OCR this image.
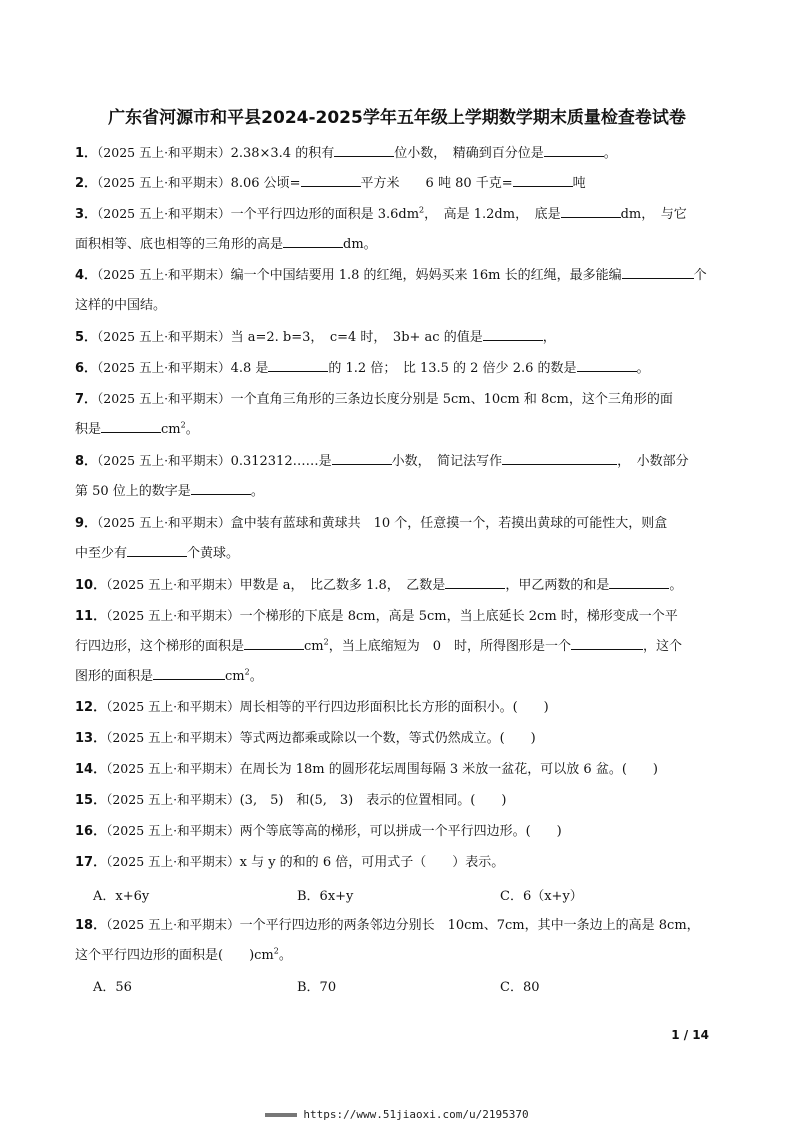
广东省河源市和平县2024-2025学年五年级上学期数学期末质量检查卷试卷
1．（2025 五上·和平期末）2.38×3.4 的积有	位小数，　精确到百分位是	。
2．（2025 五上·和平期末）8.06 公顷=	平方米　　6 吨 80 千克=	吨
3．（2025 五上·和平期末）一个平行四边形的面积是 $3.6dm^2$，　高是 1.2dm，　底是	dm，　与它
面积相等、底也相等的三角形的高是	dm。
4．（2025 五上·和平期末）编一个中国结要用 1.8 的红绳，妈妈买来 16m 长的红绳，最多能编	个
这样的中国结。
5．（2025 五上·和平期末）当 a=2. b=3，　c=4 时，　3b+ ac 的值是	，
6．（2025 五上·和平期末）4.8 是	的 1.2 倍；　比 13.5 的 2 倍少 2.6 的数是	。
7．（2025 五上·和平期末）一个直角三角形的三条边长度分别是 5cm、10cm 和 8cm，这个三角形的面
积是	$cm^2$。
8．（2025 五上·和平期末）0.312312……是	小数，　简记法写作	，　小数部分
第 50 位上的数字是	。
9．（2025 五上·和平期末）盒中装有蓝球和黄球共　10 个，任意摸一个，若摸出黄球的可能性大，则盒
中至少有	个黄球。
10．（2025 五上·和平期末）甲数是 a，　比乙数多 1.8，　乙数是	，甲乙两数的和是	。
11．（2025 五上·和平期末）一个梯形的下底是 8cm，高是 5cm，当上底延长 2cm 时，梯形变成一个平
行四边形，这个梯形的面积是	$cm^2$，当上底缩短为　0　时，所得图形是一个	，这个
图形的面积是	$cm^2$。
12．（2025 五上·和平期末）周长相等的平行四边形面积比长方形的面积小。(　　)
13．（2025 五上·和平期末）等式两边都乘或除以一个数，等式仍然成立。(　　)
14．（2025 五上·和平期末）在周长为 18m 的圆形花坛周围每隔 3 米放一盆花，可以放 6 盆。(　　)
15．（2025 五上·和平期末）(3,　5)　和(5,　3)　表示的位置相同。(　　)
16．（2025 五上·和平期末）两个等底等高的梯形，可以拼成一个平行四边形。(　　)
17．（2025 五上·和平期末）x 与 y 的和的 6 倍，可用式子（　　）表示。
A．x+6y	B．6x+y	C．6（x+y）
18．（2025 五上·和平期末）一个平行四边形的两条邻边分别长　10cm、7cm，其中一条边上的高是 8cm，
这个平行四边形的面积是(　　)$cm^2$。
A．56	B．70	C．80
1 / 14
https://www.51jiaoxi.com/u/2195370
